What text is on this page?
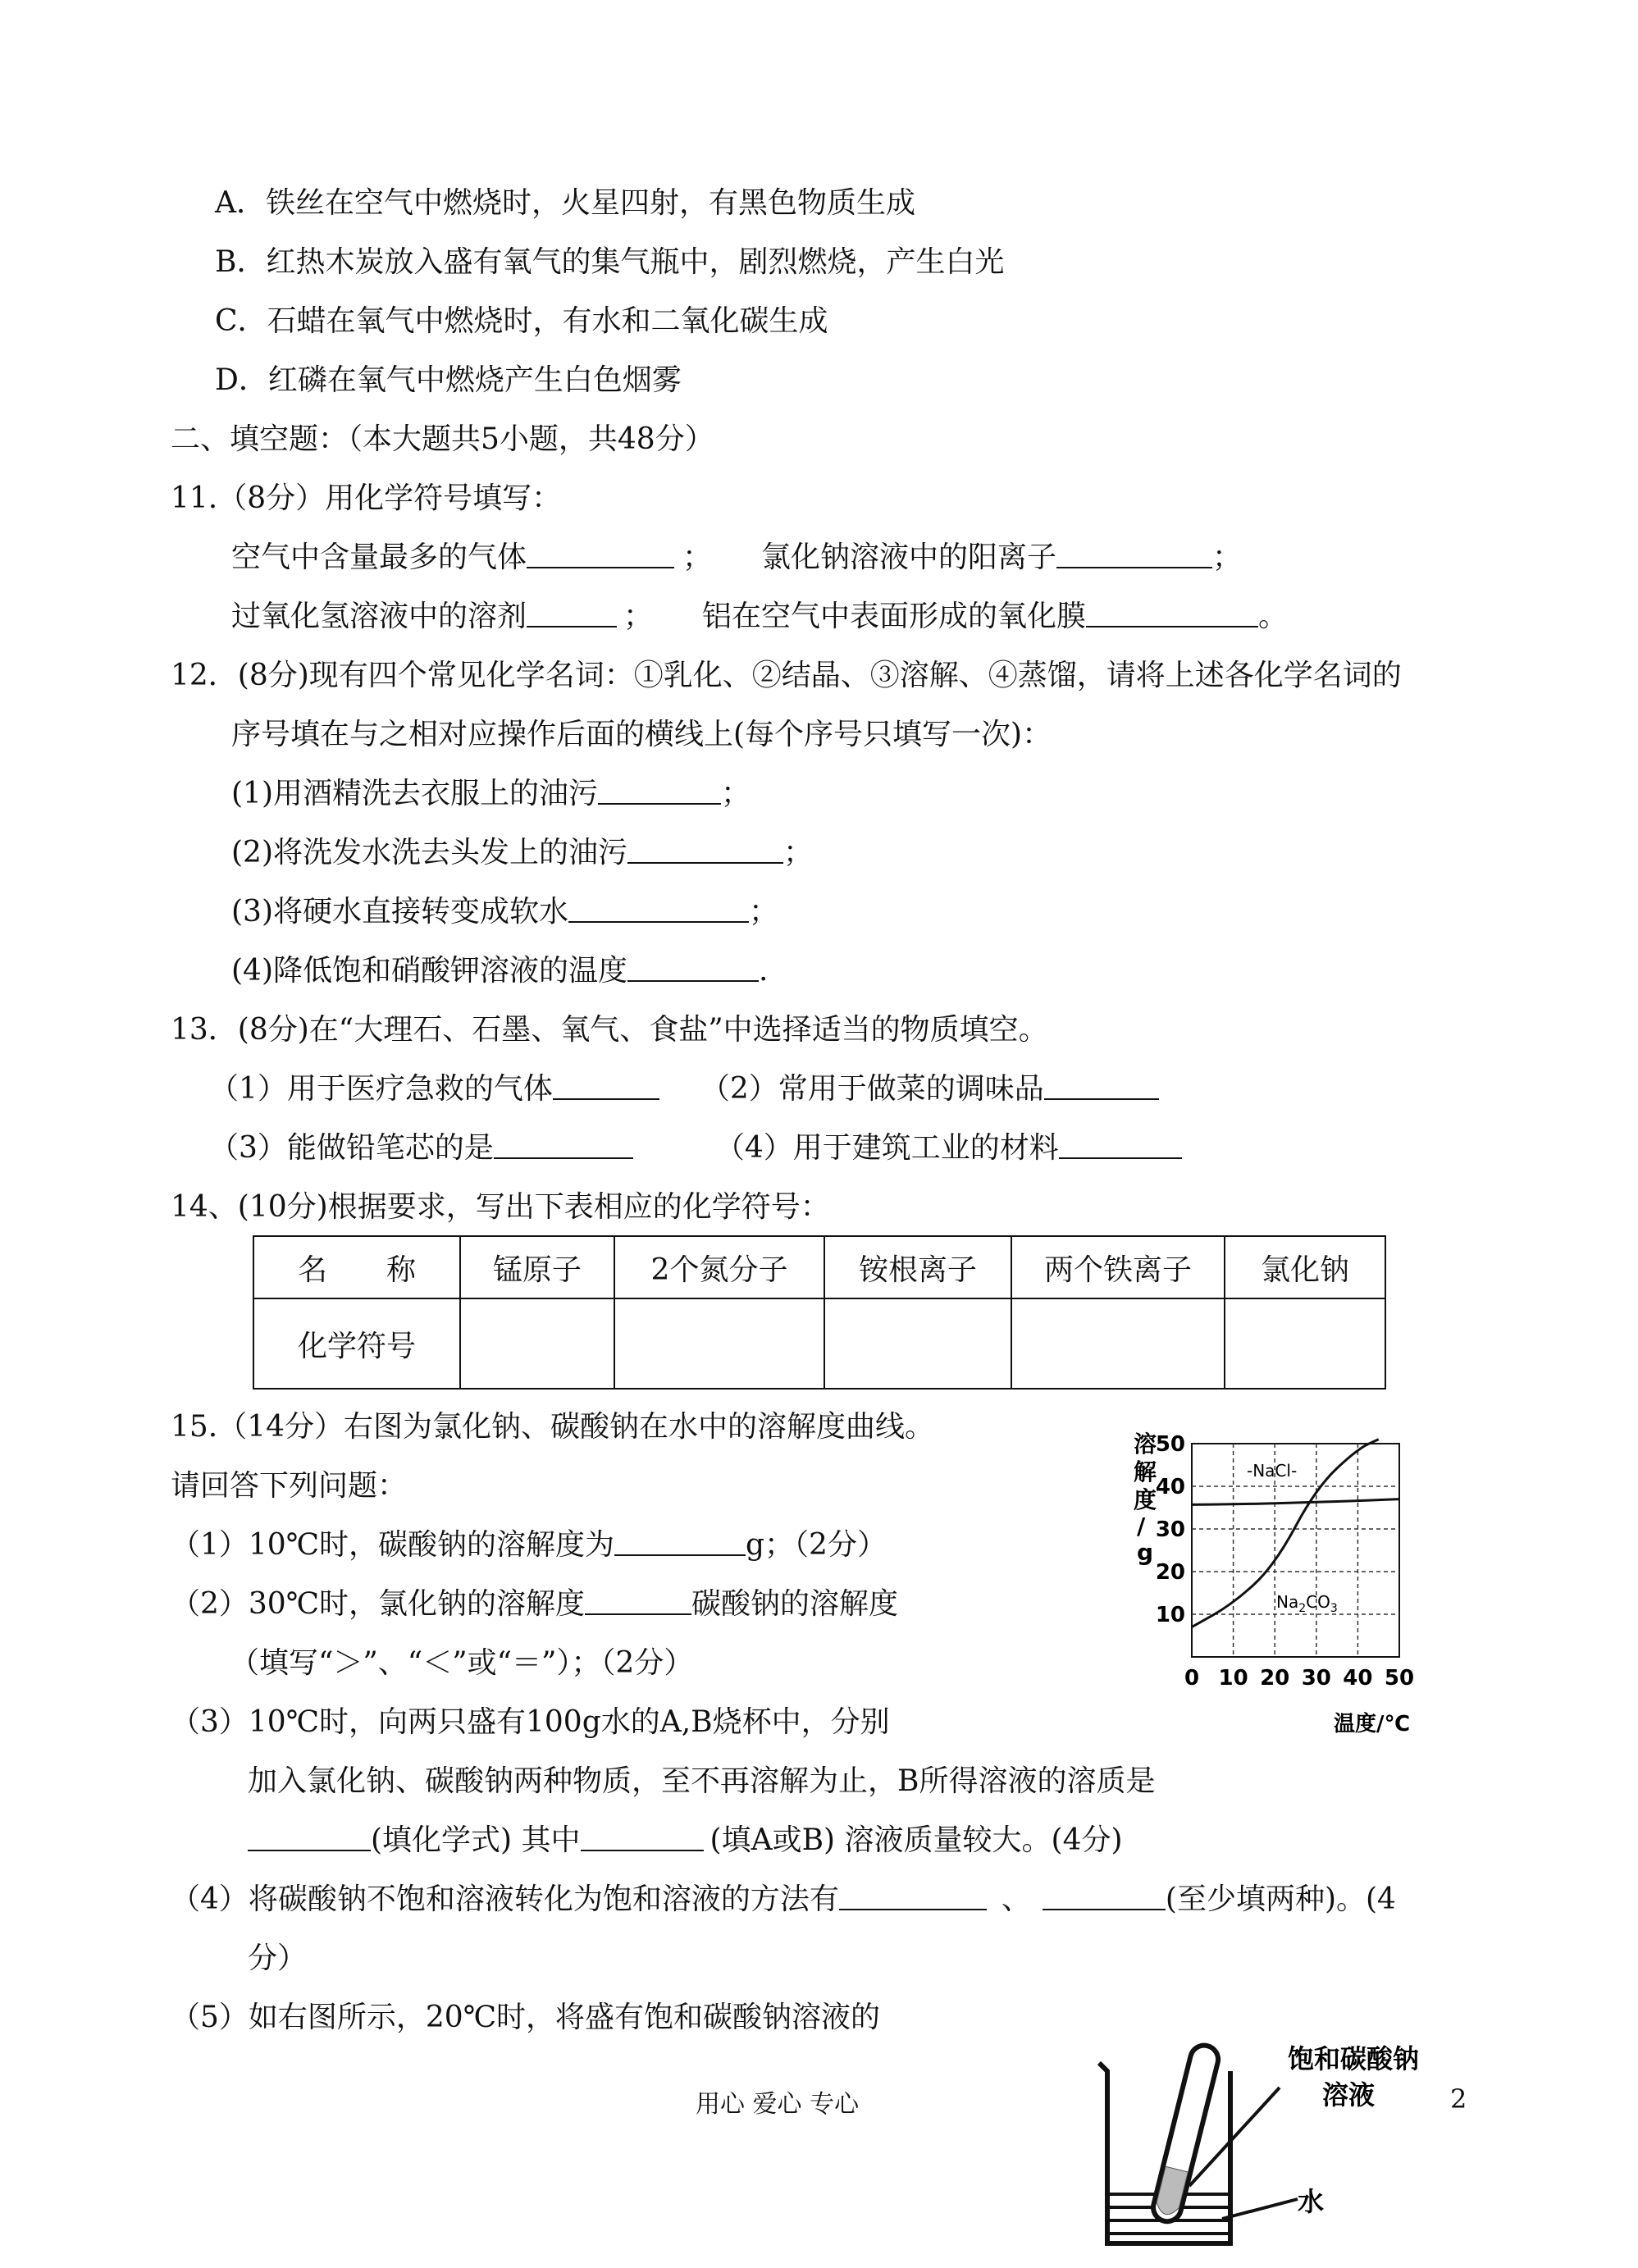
A．铁丝在空气中燃烧时，火星四射，有黑色物质生成
B．红热木炭放入盛有氧气的集气瓶中，剧烈燃烧，产生白光
C．石蜡在氧气中燃烧时，有水和二氧化碳生成
D．红磷在氧气中燃烧产生白色烟雾
二、填空题：（本大题共5小题，共48分）
11.（8分）用化学符号填写：
空气中含量最多的气体	； 氯化钠溶液中的阳离子	；
过氧化氢溶液中的溶剂	； 铝在空气中表面形成的氧化膜	。
12．(8分)现有四个常见化学名词：①乳化、②结晶、③溶解、④蒸馏，请将上述各化学名词的
序号填在与之相对应操作后面的横线上(每个序号只填写一次)：
(1)用酒精洗去衣服上的油污	；
(2)将洗发水洗去头发上的油污	；
(3)将硬水直接转变成软水	；
(4)降低饱和硝酸钾溶液的温度	.
13．(8分)在“大理石、石墨、氧气、食盐”中选择适当的物质填空。
（1）用于医疗急救的气体	（2）常用于做菜的调味品
（3）能做铅笔芯的是	（4）用于建筑工业的材料
14、(10分)根据要求，写出下表相应的化学符号：
名　　称	锰原子	2个氮分子	铵根离子	两个铁离子	氯化钠
化学符号					
15.（14分）右图为氯化钠、碳酸钠在水中的溶解度曲线。
请回答下列问题：
（1）10℃时，碳酸钠的溶解度为	g；（2分）
（2）30℃时，氯化钠的溶解度	碳酸钠的溶解度
（填写“＞”、“＜”或“＝”）；（2分）
（3）10℃时，向两只盛有100g水的A,B烧杯中，分别
加入氯化钠、碳酸钠两种物质，至不再溶解为止，B所得溶液的溶质是
(填化学式) 其中	(填A或B) 溶液质量较大。(4分)
（4）将碳酸钠不饱和溶液转化为饱和溶液的方法有	、	(至少填两种)。(4
分）
（5）如右图所示，20℃时，将盛有饱和碳酸钠溶液的
溶
解
度
/
g
0 10 20 30 40 50
10
20
30
40
50
-NaCl-
$Na_2CO_3$
温度/℃
饱和碳酸钠
溶液
水
用心 爱心 专心	2
